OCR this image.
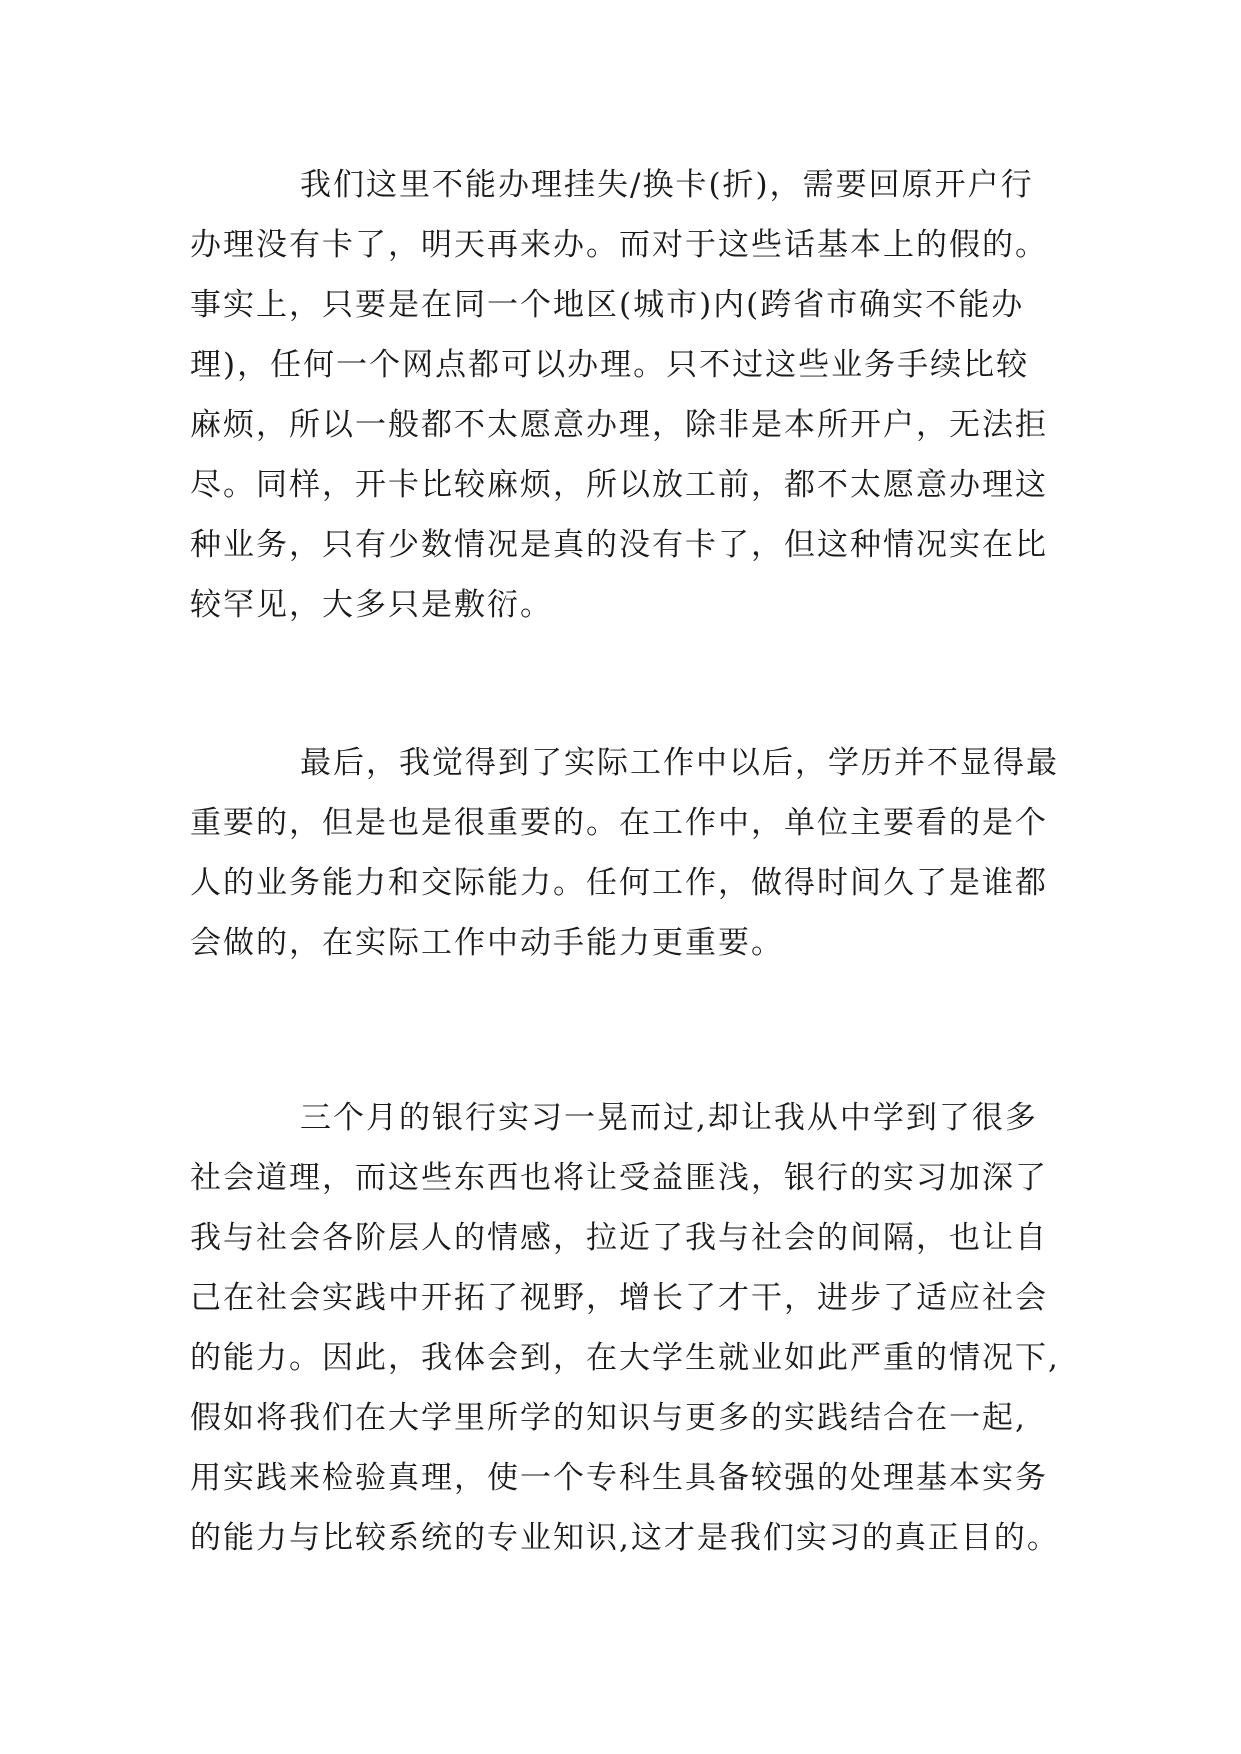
我们这里不能办理挂失/换卡(折)，需要回原开户行
办理没有卡了，明天再来办。而对于这些话基本上的假的。
事实上，只要是在同一个地区(城市)内(跨省市确实不能办
理)，任何一个网点都可以办理。只不过这些业务手续比较
麻烦，所以一般都不太愿意办理，除非是本所开户，无法拒
尽。同样，开卡比较麻烦，所以放工前，都不太愿意办理这
种业务，只有少数情况是真的没有卡了，但这种情况实在比
较罕见，大多只是敷衍。
最后，我觉得到了实际工作中以后，学历并不显得最
重要的，但是也是很重要的。在工作中，单位主要看的是个
人的业务能力和交际能力。任何工作，做得时间久了是谁都
会做的，在实际工作中动手能力更重要。
三个月的银行实习一晃而过,却让我从中学到了很多
社会道理，而这些东西也将让受益匪浅，银行的实习加深了
我与社会各阶层人的情感，拉近了我与社会的间隔，也让自
己在社会实践中开拓了视野，增长了才干，进步了适应社会
的能力。因此，我体会到，在大学生就业如此严重的情况下,
假如将我们在大学里所学的知识与更多的实践结合在一起,
用实践来检验真理，使一个专科生具备较强的处理基本实务
的能力与比较系统的专业知识,这才是我们实习的真正目的。
